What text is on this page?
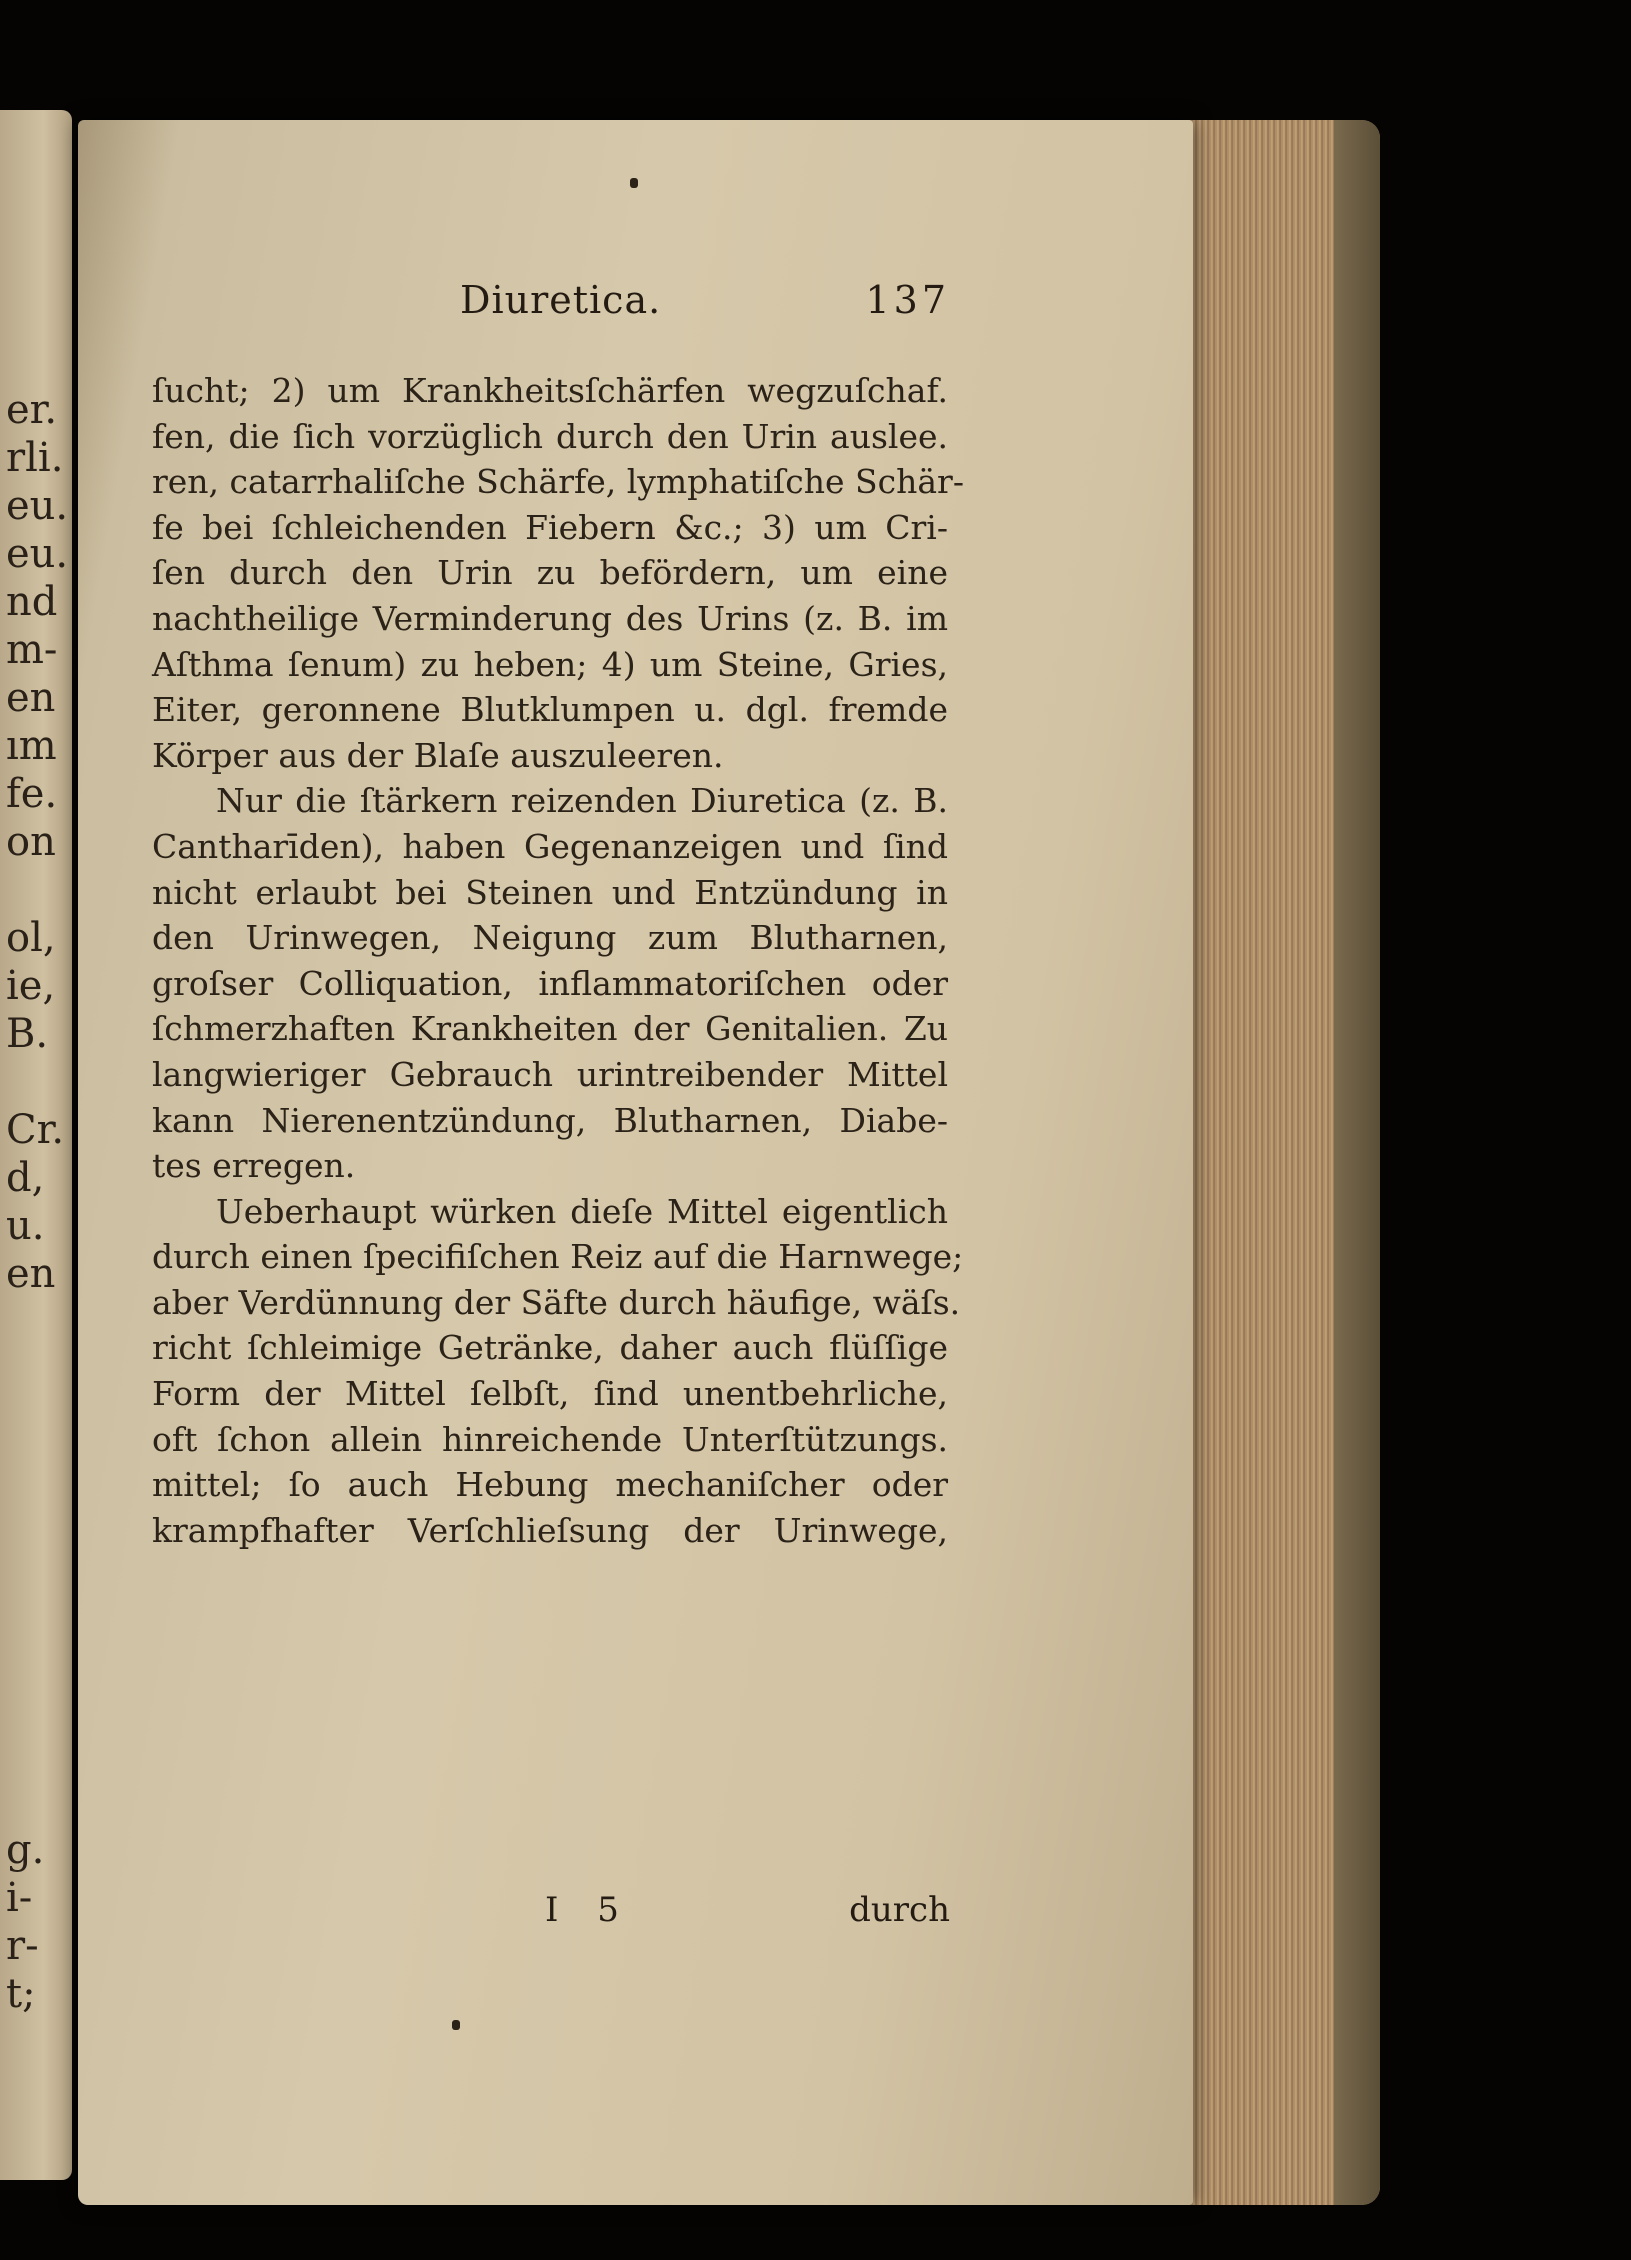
er.
rli.
eu.
eu.
nd
m-
en
ım
fe.
on
ol,
ie,
B.
Cr.
d,
u.
en
g.
i-
r-
t;
Diuretica.	137
ſucht; 2) um Krankheitsſchärfen wegzuſchaf.
fen, die ſich vorzüglich durch den Urin auslee.
ren, catarrhaliſche Schärfe, lymphatiſche Schär-
fe bei ſchleichenden Fiebern &c.; 3) um Cri-
ſen durch den Urin zu befördern, um eine
nachtheilige Verminderung des Urins (z. B. im
Aſthma ſenum) zu heben; 4) um Steine, Gries,
Eiter, geronnene Blutklumpen u. dgl. fremde
Körper aus der Blaſe auszuleeren.
Nur die ſtärkern reizenden Diuretica (z. B.
Cantharīden), haben Gegenanzeigen und ſind
nicht erlaubt bei Steinen und Entzündung in
den Urinwegen, Neigung zum Blutharnen,
groſser Colliquation, inflammatoriſchen oder
ſchmerzhaften Krankheiten der Genitalien. Zu
langwieriger Gebrauch urintreibender Mittel
kann Nierenentzündung, Blutharnen, Diabe-
tes erregen.
Ueberhaupt würken dieſe Mittel eigentlich
durch einen ſpecifiſchen Reiz auf die Harnwege;
aber Verdünnung der Säfte durch häufige, wäſs.
richt ſchleimige Getränke, daher auch flüſſige
Form der Mittel ſelbſt, ſind unentbehrliche,
oft ſchon allein hinreichende Unterſtützungs.
mittel; ſo auch Hebung mechaniſcher oder
krampfhafter Verſchlieſsung der Urinwege,
I 5	durch
